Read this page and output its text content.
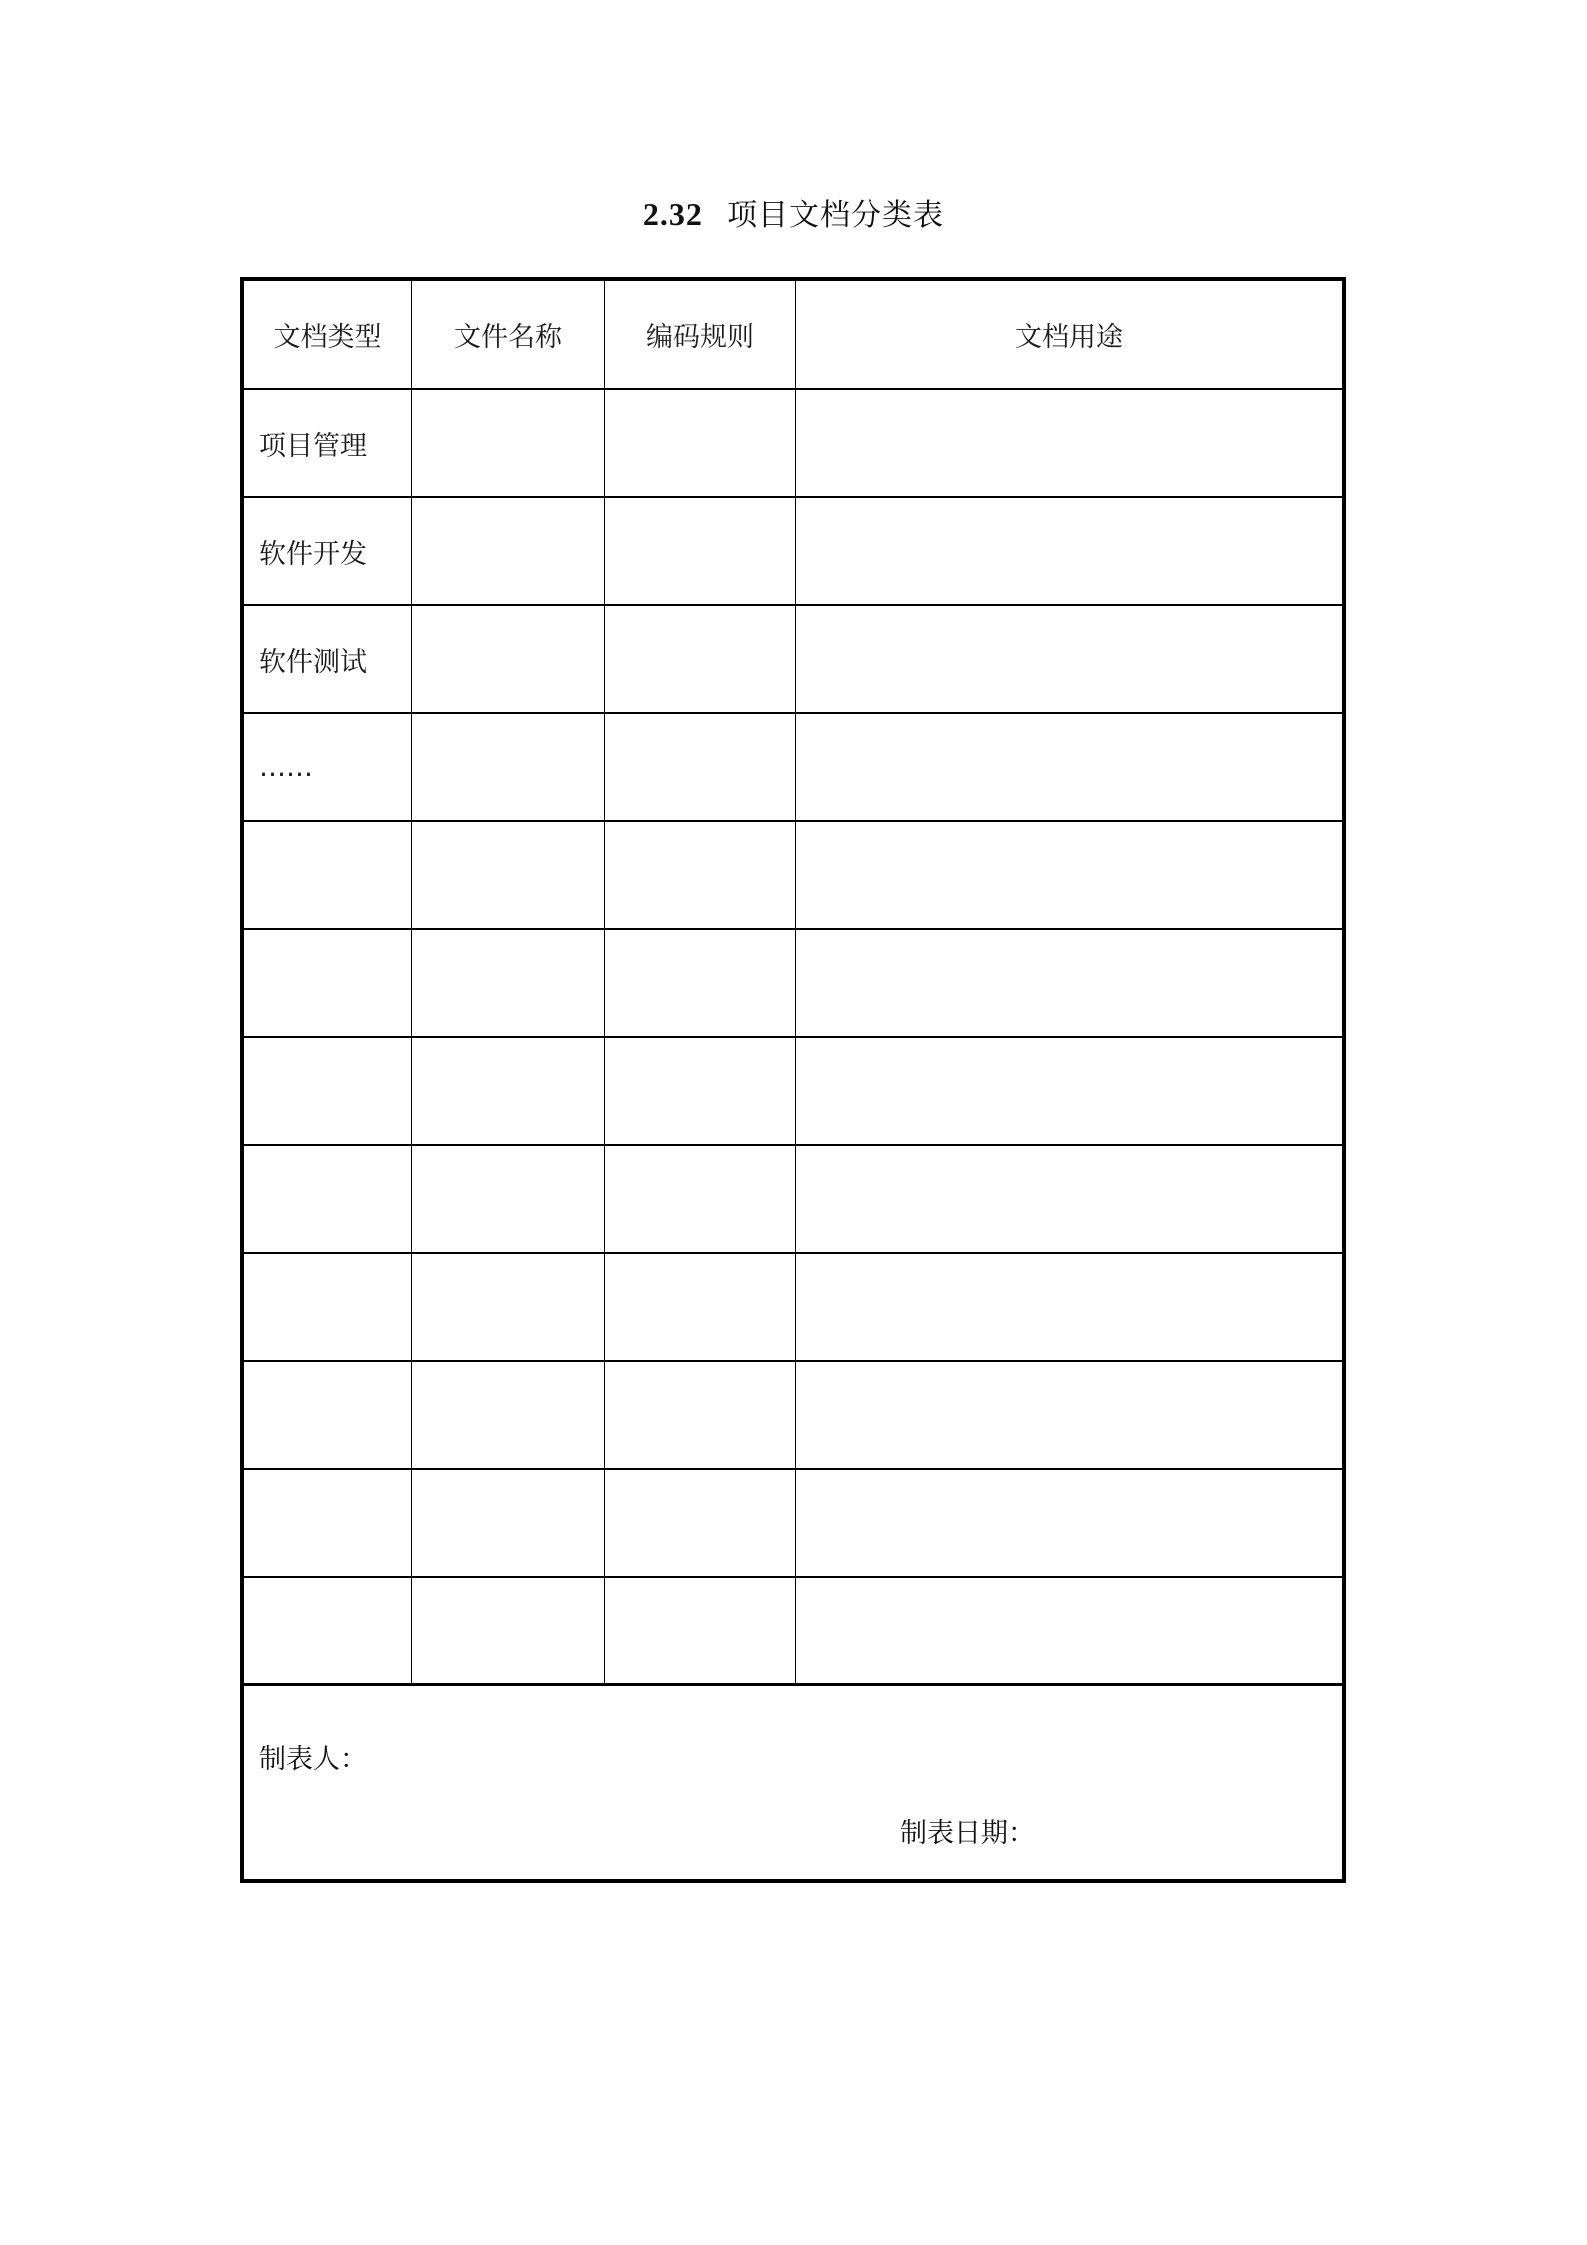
2.32 项目文档分类表
文档类型	文件名称	编码规则	文档用途
项目管理
软件开发
软件测试
……
制表人：
制表日期：
